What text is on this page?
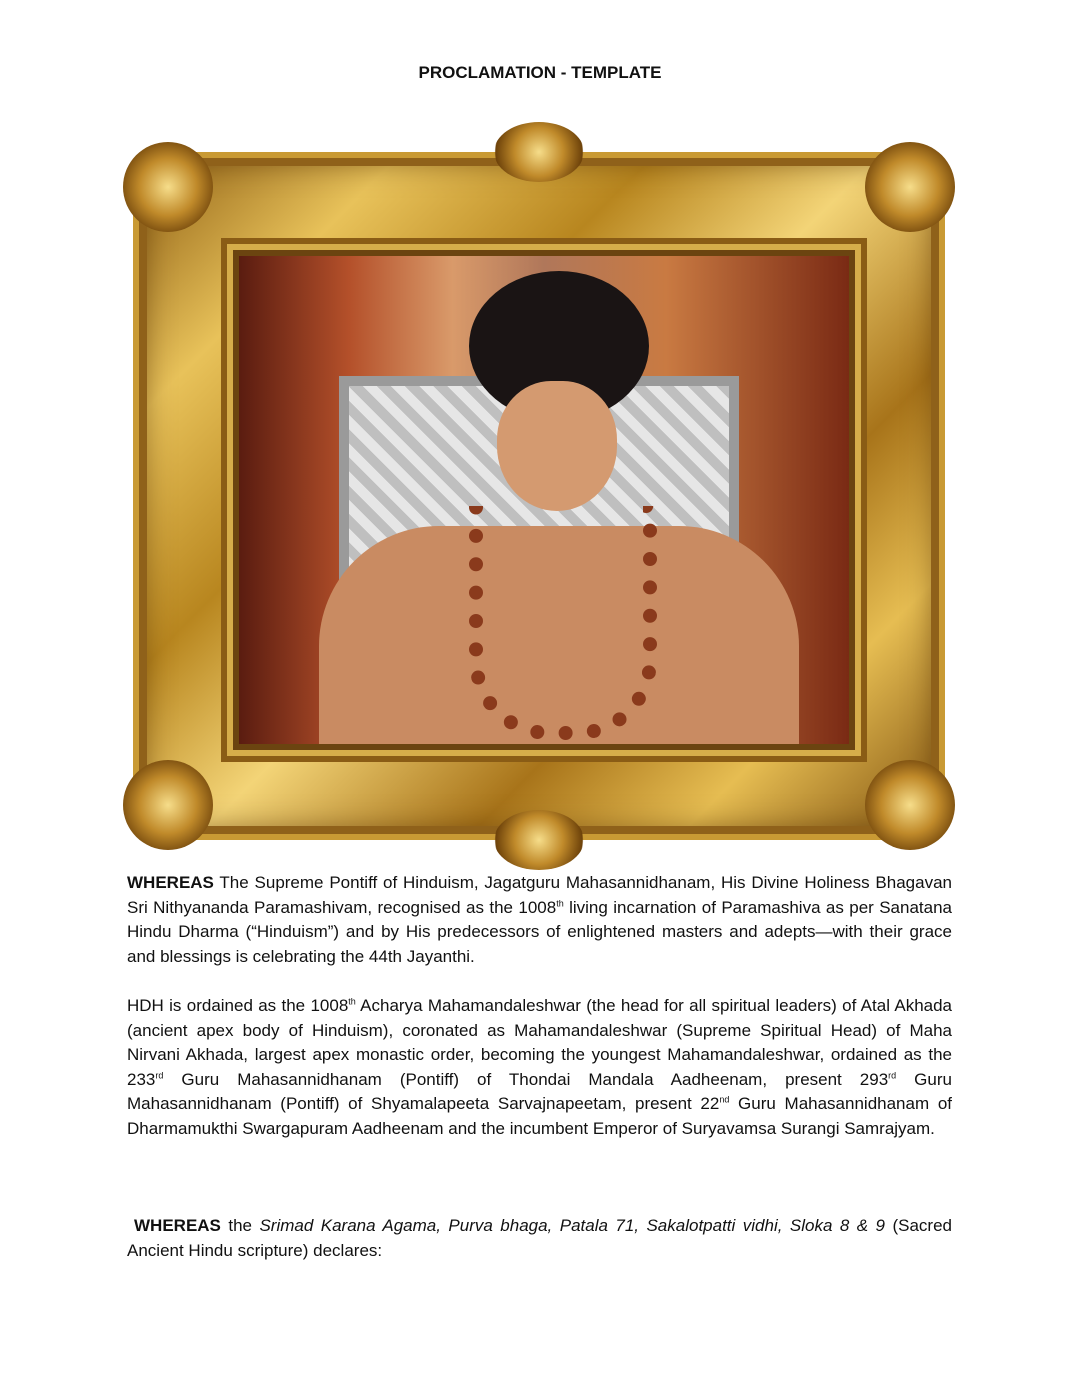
PROCLAMATION - TEMPLATE
WHEREAS The Supreme Pontiff of Hinduism, Jagatguru Mahasannidhanam, His Divine Holiness Bhagavan Sri Nithyananda Paramashivam, recognised as the 1008th living incarnation of Paramashiva as per Sanatana Hindu Dharma (“Hinduism”) and by His predecessors of enlightened masters and adepts—with their grace and blessings is celebrating the 44th Jayanthi.
HDH is ordained as the 1008th Acharya Mahamandaleshwar (the head for all spiritual leaders) of Atal Akhada (ancient apex body of Hinduism), coronated as Mahamandaleshwar (Supreme Spiritual Head) of Maha Nirvani Akhada, largest apex monastic order, becoming the youngest Mahamandaleshwar, ordained as the 233rd Guru Mahasannidhanam (Pontiff) of Thondai Mandala Aadheenam, present 293rd Guru Mahasannidhanam (Pontiff) of Shyamalapeeta Sarvajnapeetam, present 22nd Guru Mahasannidhanam of Dharmamukthi Swargapuram Aadheenam and the incumbent Emperor of Suryavamsa Surangi Samrajyam.
WHEREAS the Srimad Karana Agama, Purva bhaga, Patala 71, Sakalotpatti vidhi, Sloka 8 & 9 (Sacred Ancient Hindu scripture) declares:
